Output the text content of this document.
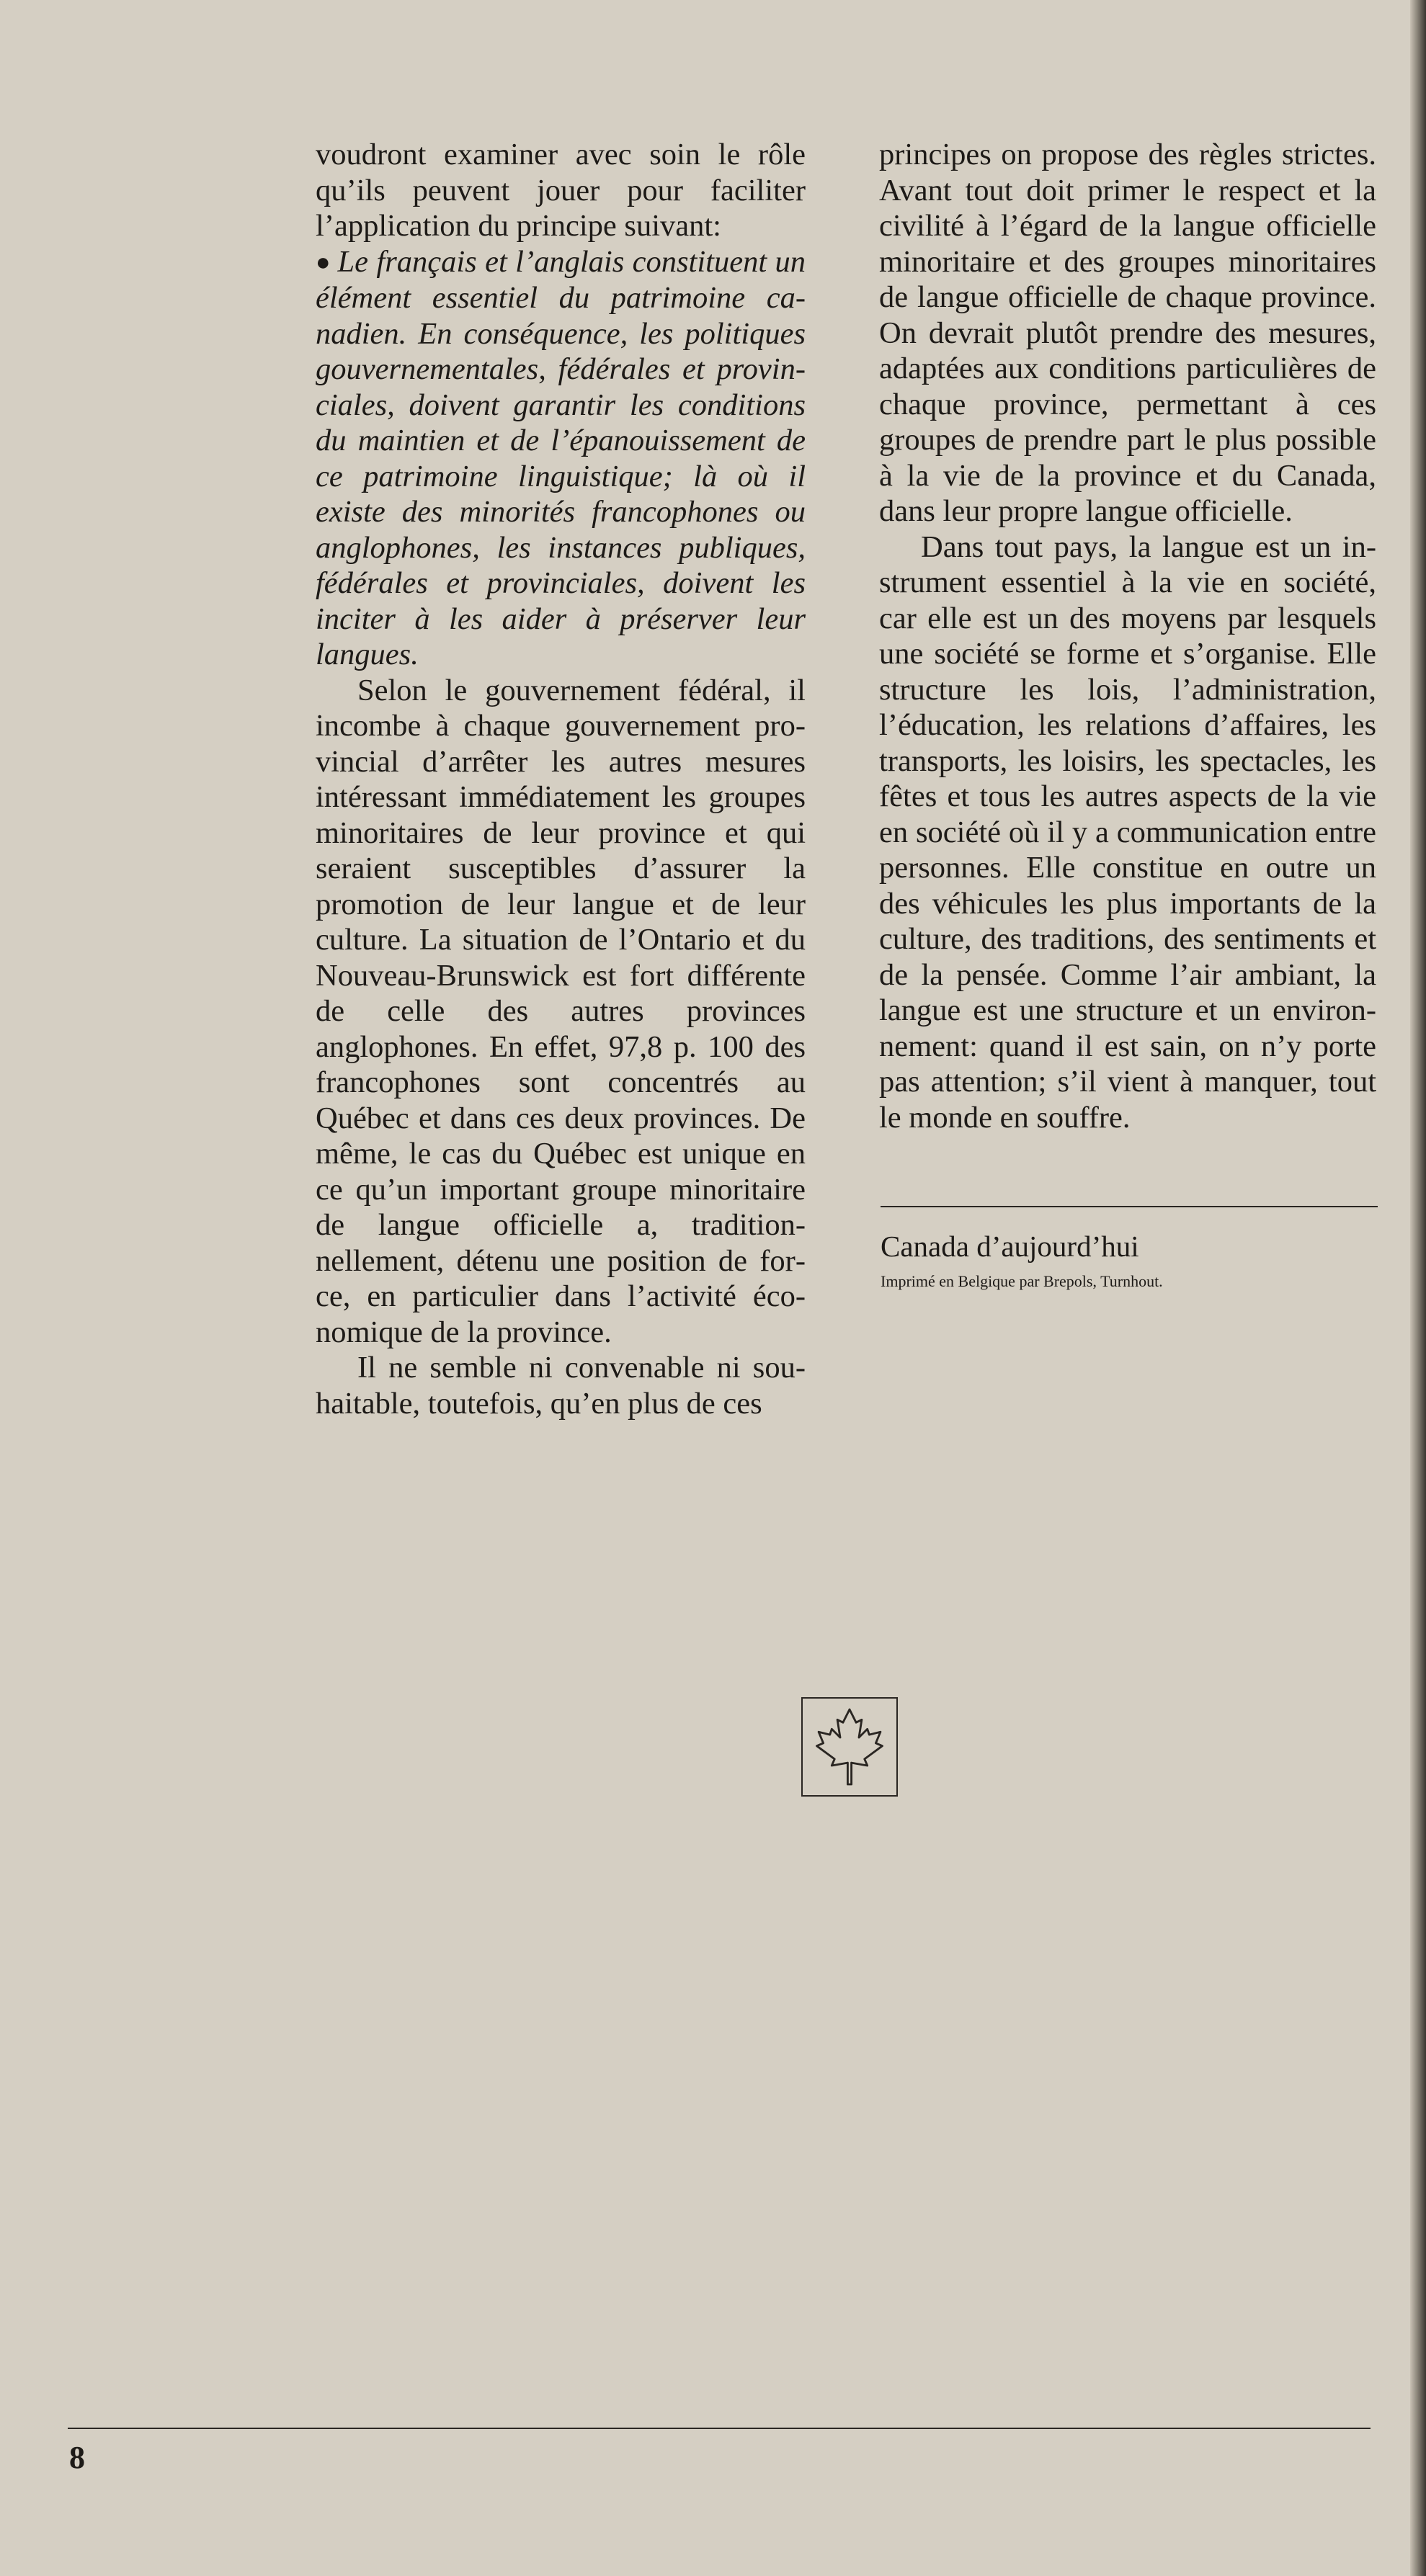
voudront examiner avec soin le rôle qu’ils peuvent jouer pour faciliter l’application du principe suivant:

● Le français et l’anglais constituent un élément essentiel du patrimoine canadien. En conséquence, les politiques gouvernementales, fédérales et provinciales, doivent garantir les conditions du maintien et de l’épanouissement de ce patrimoine linguistique; là où il existe des minorités francophones ou anglophones, les instances publiques, fédérales et provinciales, doivent les inciter à les aider à préserver leur langues.

Selon le gouvernement fédéral, il incombe à chaque gouvernement provincial d’arrêter les autres mesures intéressant immédiatement les groupes minoritaires de leur province et qui seraient susceptibles d’assurer la promotion de leur langue et de leur culture. La situation de l’Ontario et du Nouveau-Brunswick est fort différente de celle des autres provinces anglophones. En effet, 97,8 p. 100 des francophones sont concentrés au Québec et dans ces deux provinces. De même, le cas du Québec est unique en ce qu’un important groupe minoritaire de langue officielle a, traditionnellement, détenu une position de force, en particulier dans l’activité économique de la province.

Il ne semble ni convenable ni souhaitable, toutefois, qu’en plus de ces

principes on propose des règles strictes. Avant tout doit primer le respect et la civilité à l’égard de la langue officielle minoritaire et des groupes minoritaires de langue officielle de chaque province. On devrait plutôt prendre des mesures, adaptées aux conditions particulières de chaque province, permettant à ces groupes de prendre part le plus possible à la vie de la province et du Canada, dans leur propre langue officielle.

Dans tout pays, la langue est un instrument essentiel à la vie en société, car elle est un des moyens par lesquels une société se forme et s’organise. Elle structure les lois, l’administration, l’éducation, les relations d’affaires, les transports, les loisirs, les spectacles, les fêtes et tous les autres aspects de la vie en société où il y a communication entre personnes. Elle constitue en outre un des véhicules les plus importants de la culture, des traditions, des sentiments et de la pensée. Comme l’air ambiant, la langue est une structure et un environnement: quand il est sain, on n’y porte pas attention; s’il vient à manquer, tout le monde en souffre.

Canada d’aujourd’hui
Imprimé en Belgique par Brepols, Turnhout.
8
